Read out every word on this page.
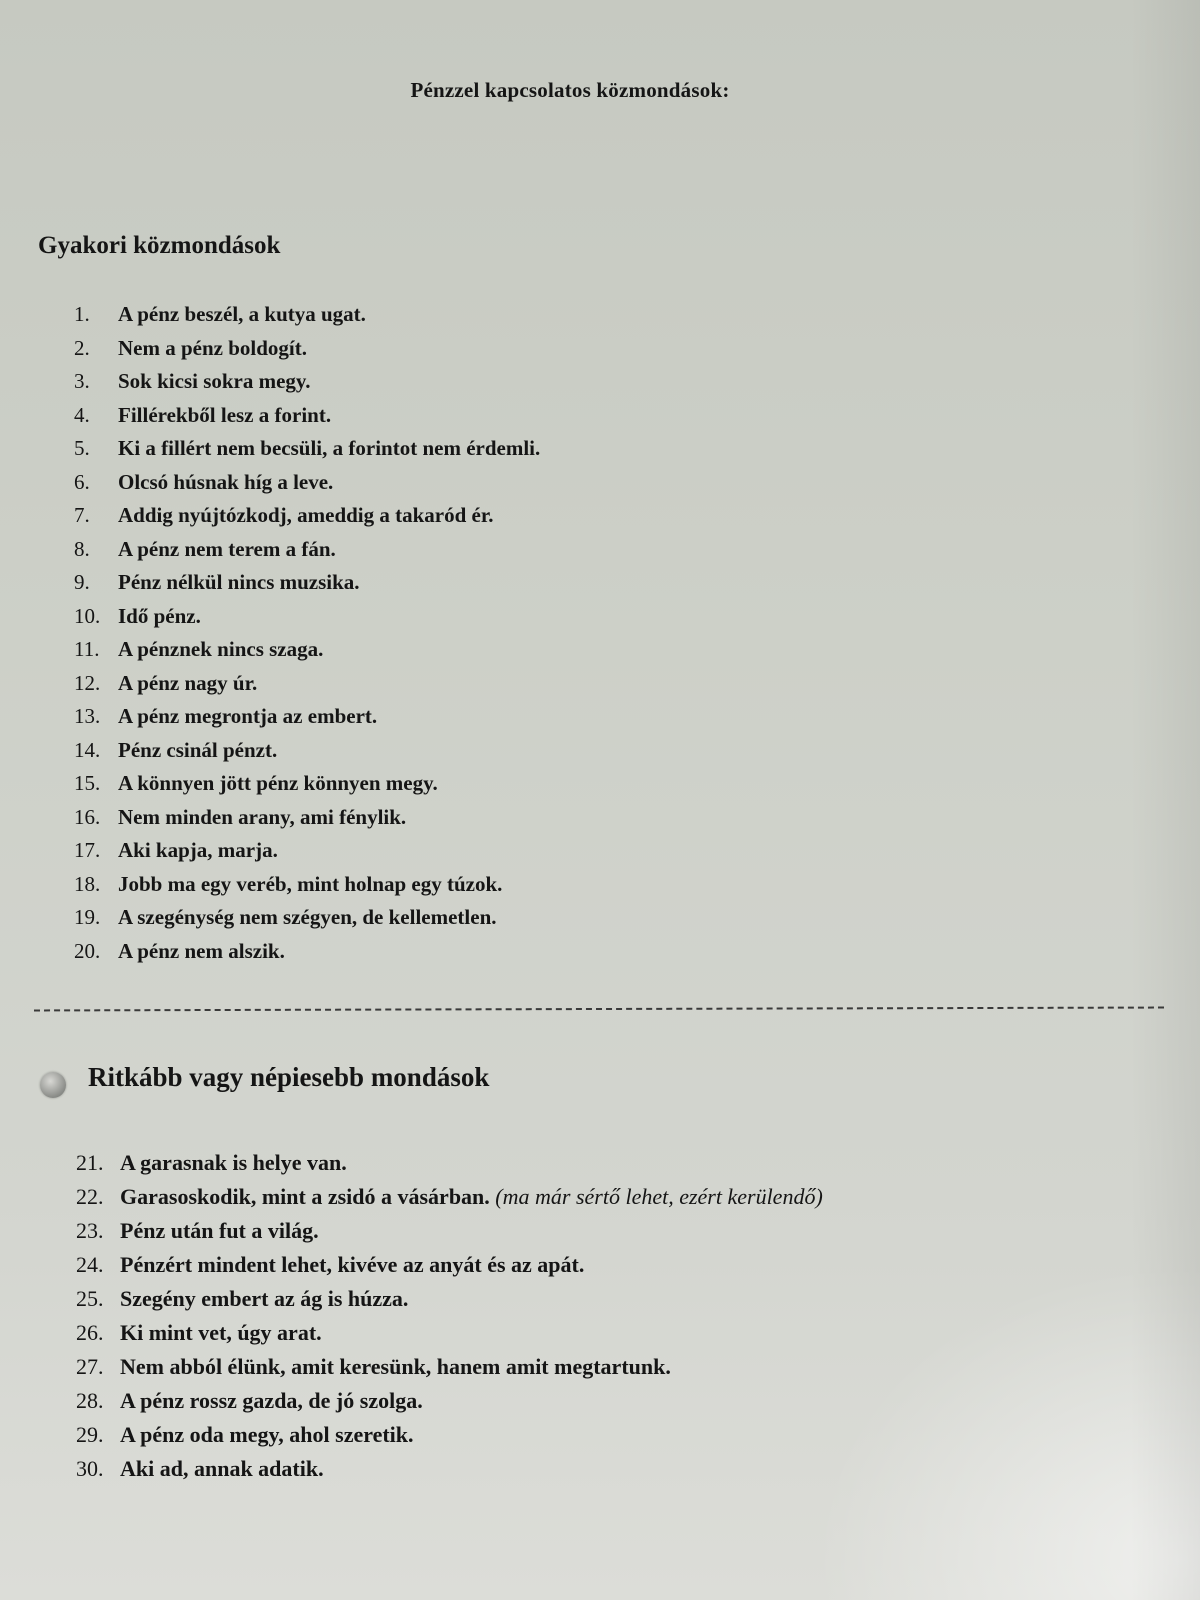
Pénzzel kapcsolatos közmondások:
Gyakori közmondások
1. A pénz beszél, a kutya ugat.
2. Nem a pénz boldogít.
3. Sok kicsi sokra megy.
4. Fillérekből lesz a forint.
5. Ki a fillért nem becsüli, a forintot nem érdemli.
6. Olcsó húsnak híg a leve.
7. Addig nyújtózkodj, ameddig a takaród ér.
8. A pénz nem terem a fán.
9. Pénz nélkül nincs muzsika.
10. Idő pénz.
11. A pénznek nincs szaga.
12. A pénz nagy úr.
13. A pénz megrontja az embert.
14. Pénz csinál pénzt.
15. A könnyen jött pénz könnyen megy.
16. Nem minden arany, ami fénylik.
17. Aki kapja, marja.
18. Jobb ma egy veréb, mint holnap egy túzok.
19. A szegénység nem szégyen, de kellemetlen.
20. A pénz nem alszik.
Ritkább vagy népiesebb mondások
21. A garasnak is helye van.
22. Garasoskodik, mint a zsidó a vásárban. (ma már sértő lehet, ezért kerülendő)
23. Pénz után fut a világ.
24. Pénzért mindent lehet, kivéve az anyát és az apát.
25. Szegény embert az ág is húzza.
26. Ki mint vet, úgy arat.
27. Nem abból élünk, amit keresünk, hanem amit megtartunk.
28. A pénz rossz gazda, de jó szolga.
29. A pénz oda megy, ahol szeretik.
30. Aki ad, annak adatik.
